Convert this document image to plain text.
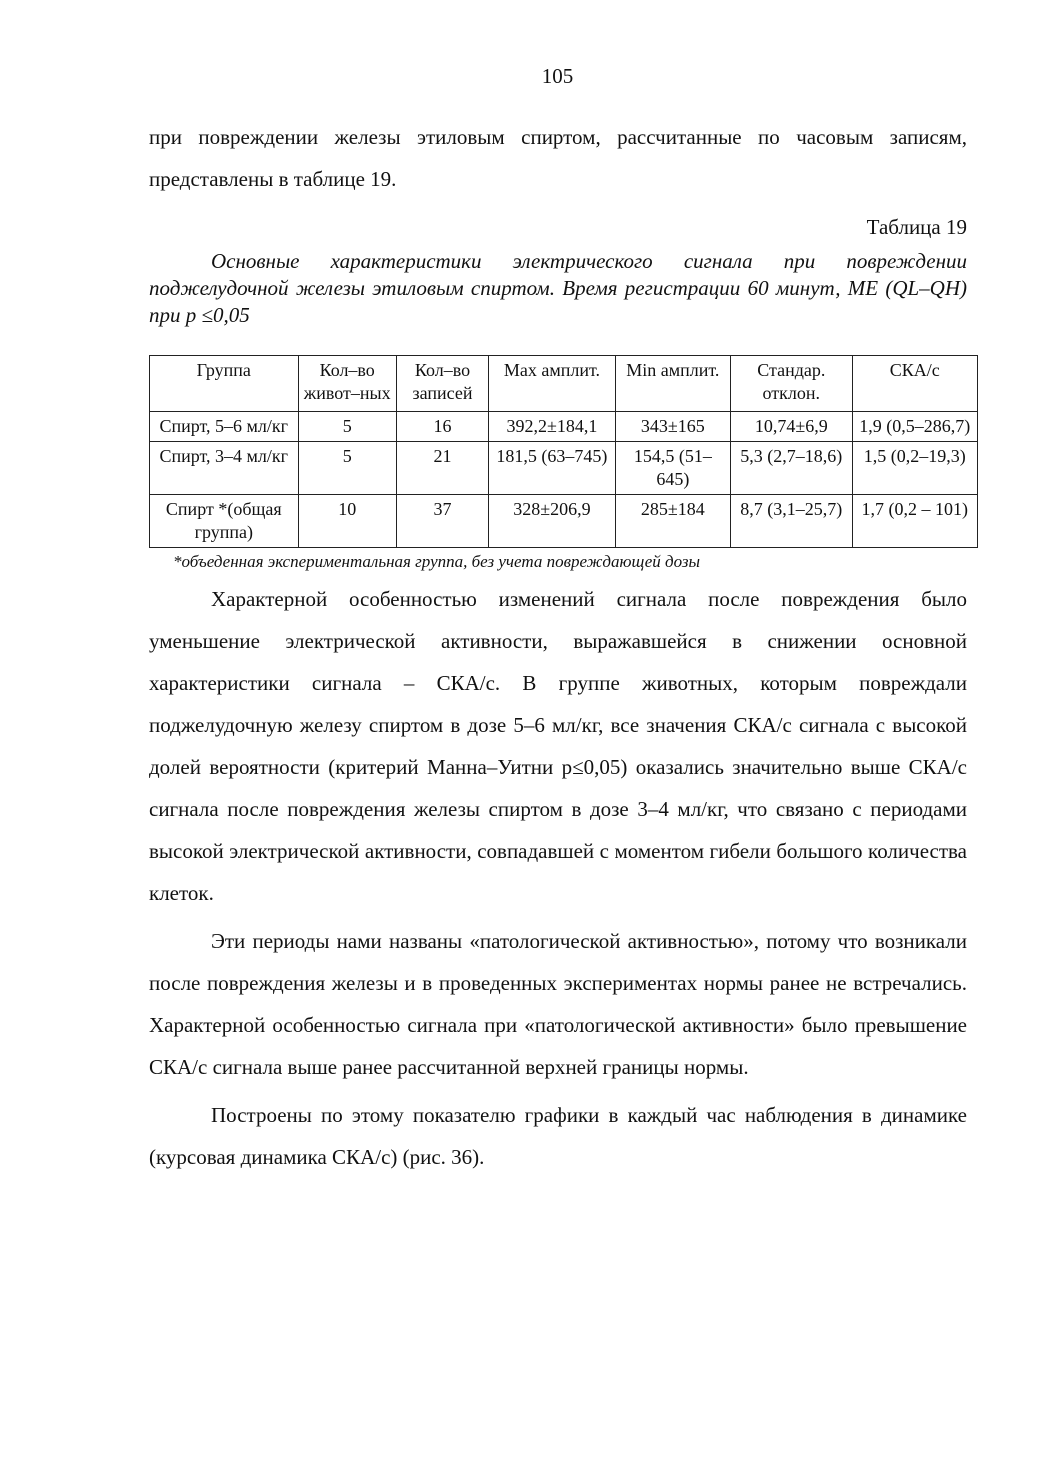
105

при повреждении железы этиловым спиртом, рассчитанные по часовым записям, представлены в таблице 19.

Таблица 19

Основные характеристики электрического сигнала при повреждении поджелудочной железы этиловым спиртом. Время регистрации 60 минут, МЕ (QL–QH) при р ≤0,05

Группа	Кол–во живот–ных	Кол–во записей	Мах амплит.	Min амплит.	Стандар. отклон.	СКА/с
Спирт, 5–6 мл/кг	5	16	392,2±184,1	343±165	10,74±6,9	1,9 (0,5–286,7)
Спирт, 3–4 мл/кг	5	21	181,5 (63–745)	154,5 (51–645)	5,3 (2,7–18,6)	1,5 (0,2–19,3)
Спирт *(общая группа)	10	37	328±206,9	285±184	8,7 (3,1–25,7)	1,7 (0,2 – 101)

*объеденная экспериментальная группа, без учета повреждающей дозы

Характерной особенностью изменений сигнала после повреждения было уменьшение электрической активности, выражавшейся в снижении основной характеристики сигнала – СКА/с. В группе животных, которым повреждали поджелудочную железу спиртом в дозе 5–6 мл/кг, все значения СКА/с сигнала с высокой долей вероятности (критерий Манна–Уитни р≤0,05) оказались значительно выше СКА/с сигнала после повреждения железы спиртом в дозе 3–4 мл/кг, что связано с периодами высокой электрической активности, совпадавшей с моментом гибели большого количества клеток.

Эти периоды нами названы «патологической активностью», потому что возникали после повреждения железы и в проведенных экспериментах нормы ранее не встречались. Характерной особенностью сигнала при «патологической активности» было превышение СКА/с сигнала выше ранее рассчитанной верхней границы нормы.

Построены по этому показателю графики в каждый час наблюдения в динамике (курсовая динамика СКА/с) (рис. 36).
